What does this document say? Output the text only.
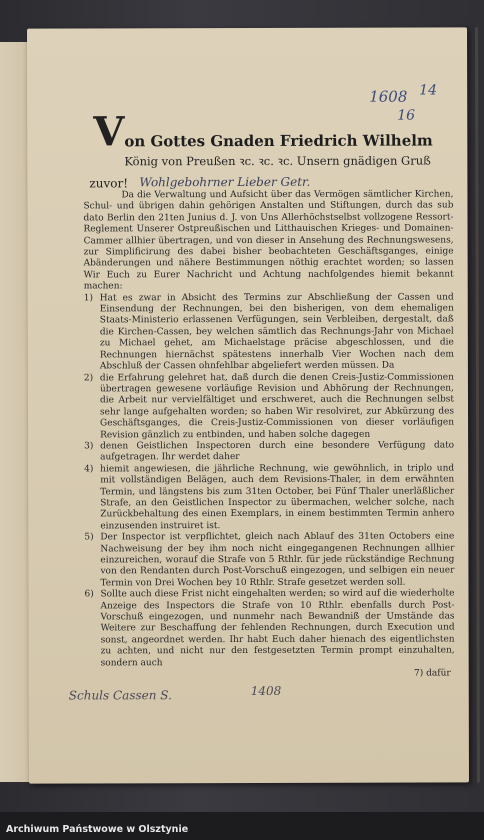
1608 14
16
V on Gottes Gnaden Friedrich Wilhelm
König von Preußen ꝛc. ꝛc. ꝛc. Unsern gnädigen Gruß
zuvor! Wohlgebohrner Lieber Getr.

Da die Verwaltung und Aufsicht über das Vermögen sämtlicher Kirchen, Schul- und übrigen dahin gehörigen Anstalten und Stiftungen, durch das sub dato Berlin den 21ten Junius d. J. von Uns Allerhöchstselbst vollzogene Ressort-Reglement Unserer Ostpreußischen und Litthauischen Krieges- und Domainen-Cammer allhier übertragen, und von dieser in Ansehung des Rechnungswesens, zur Simplificirung des dabei bisher beobachteten Geschäftsganges, einige Abänderungen und nähere Bestimmungen nöthig erachtet worden; so lassen Wir Euch zu Eurer Nachricht und Achtung nachfolgendes hiemit bekannt machen:

1) Hat es zwar in Absicht des Termins zur Abschließung der Cassen und Einsendung der Rechnungen, bei den bisherigen, von dem ehemaligen Staats-Ministerio erlassenen Verfügungen, sein Verbleiben, dergestalt, daß die Kirchen-Cassen, bey welchen sämtlich das Rechnungs-Jahr von Michael zu Michael gehet, am Michaelstage präcise abgeschlossen, und die Rechnungen hiernächst spätestens innerhalb Vier Wochen nach dem Abschluß der Cassen ohnfehlbar abgeliefert werden müssen. Da
2) die Erfahrung gelehret hat, daß durch die denen Creis-Justiz-Commissionen übertragen gewesene vorläufige Revision und Abhörung der Rechnungen, die Arbeit nur vervielfältiget und erschweret, auch die Rechnungen selbst sehr lange aufgehalten worden; so haben Wir resolviret, zur Abkürzung des Geschäftsganges, die Creis-Justiz-Commissionen von dieser vorläufigen Revision gänzlich zu entbinden, und haben solche dagegen
3) denen Geistlichen Inspectoren durch eine besondere Verfügung dato aufgetragen. Ihr werdet daher
4) hiemit angewiesen, die jährliche Rechnung, wie gewöhnlich, in triplo und mit vollständigen Belägen, auch dem Revisions-Thaler, in dem erwähnten Termin, und längstens bis zum 31ten October, bei Fünf Thaler unerläßlicher Strafe, an den Geistlichen Inspector zu übermachen, welcher solche, nach Zurückbehaltung des einen Exemplars, in einem bestimmten Termin anhero einzusenden instruiret ist.
5) Der Inspector ist verpflichtet, gleich nach Ablauf des 31ten Octobers eine Nachweisung der bey ihm noch nicht eingegangenen Rechnungen allhier einzureichen, worauf die Strafe von 5 Rthlr. für jede rückständige Rechnung von den Rendanten durch Post-Vorschuß eingezogen, und selbigen ein neuer Termin von Drei Wochen bey 10 Rthlr. Strafe gesetzet werden soll.
6) Sollte auch diese Frist nicht eingehalten werden; so wird auf die wiederholte Anzeige des Inspectors die Strafe von 10 Rthlr. ebenfalls durch Post-Vorschuß eingezogen, und nunmehr nach Bewandniß der Umstände das Weitere zur Beschaffung der fehlenden Rechnungen, durch Execution und sonst, angeordnet werden. Ihr habt Euch daher hienach des eigentlichsten zu achten, und nicht nur den festgesetzten Termin prompt einzuhalten, sondern auch

7) dafür

1408
Schuls Cassen S.
Archiwum Państwowe w Olsztynie
